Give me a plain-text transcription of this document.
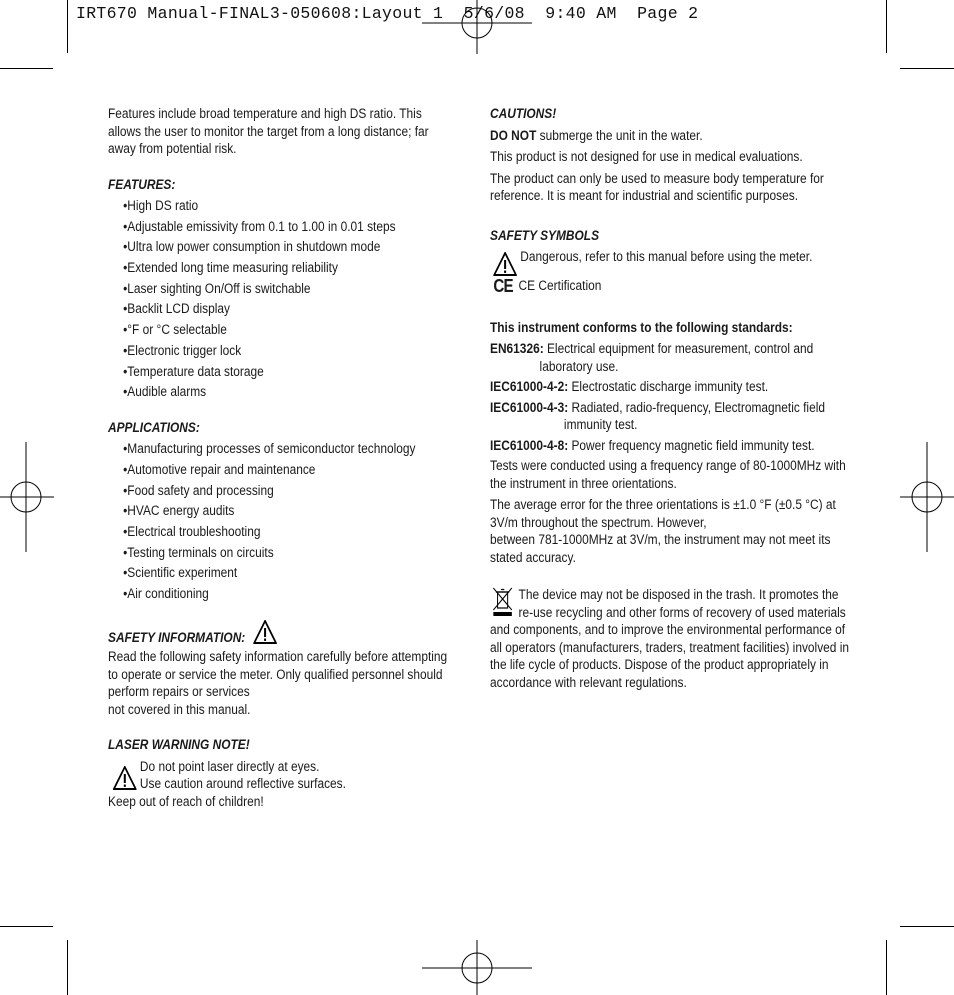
IRT670 Manual-FINAL3-050608:Layout 1  5/6/08  9:40 AM  Page 2

Features include broad temperature and high DS ratio. This allows the user to monitor the target from a long distance; far away from potential risk.

FEATURES:

• High DS ratio
• Adjustable emissivity from 0.1 to 1.00 in 0.01 steps
• Ultra low power consumption in shutdown mode
• Extended long time measuring reliability
• Laser sighting On/Off is switchable
• Backlit LCD display
• °F or °C selectable
• Electronic trigger lock
• Temperature data storage
• Audible alarms

APPLICATIONS:

• Manufacturing processes of semiconductor technology
• Automotive repair and maintenance
• Food safety and processing
• HVAC energy audits
• Electrical troubleshooting
• Testing terminals on circuits
• Scientific experiment
• Air conditioning

SAFETY INFORMATION:

Read the following safety information carefully before attempting to operate or service the meter. Only qualified personnel should perform repairs or services

not covered in this manual.

LASER WARNING NOTE!

Do not point laser directly at eyes.

Use caution around reflective surfaces.

Keep out of reach of children!

CAUTIONS!

DO NOT submerge the unit in the water.

This product is not designed for use in medical evaluations.

The product can only be used to measure body temperature for reference. It is meant for industrial and scientific purposes.

SAFETY SYMBOLS

Dangerous, refer to this manual before using the meter.

CE CE Certification

This instrument conforms to the following standards:

EN61326: Electrical equipment for measurement, control and laboratory use.

IEC61000-4-2: Electrostatic discharge immunity test.

IEC61000-4-3: Radiated, radio-frequency, Electromagnetic field immunity test.

IEC61000-4-8: Power frequency magnetic field immunity test.

Tests were conducted using a frequency range of 80-1000MHz with the instrument in three orientations.

The average error for the three orientations is ±1.0 °F (±0.5 °C) at 3V/m throughout the spectrum. However,

between 781-1000MHz at 3V/m, the instrument may not meet its stated accuracy.

The device may not be disposed in the trash. It promotes the re-use recycling and other forms of recovery of used materials and components, and to improve the environmental performance of all operators (manufacturers, traders, treatment facilities) involved in the life cycle of products. Dispose of the product appropriately in accordance with relevant regulations.
